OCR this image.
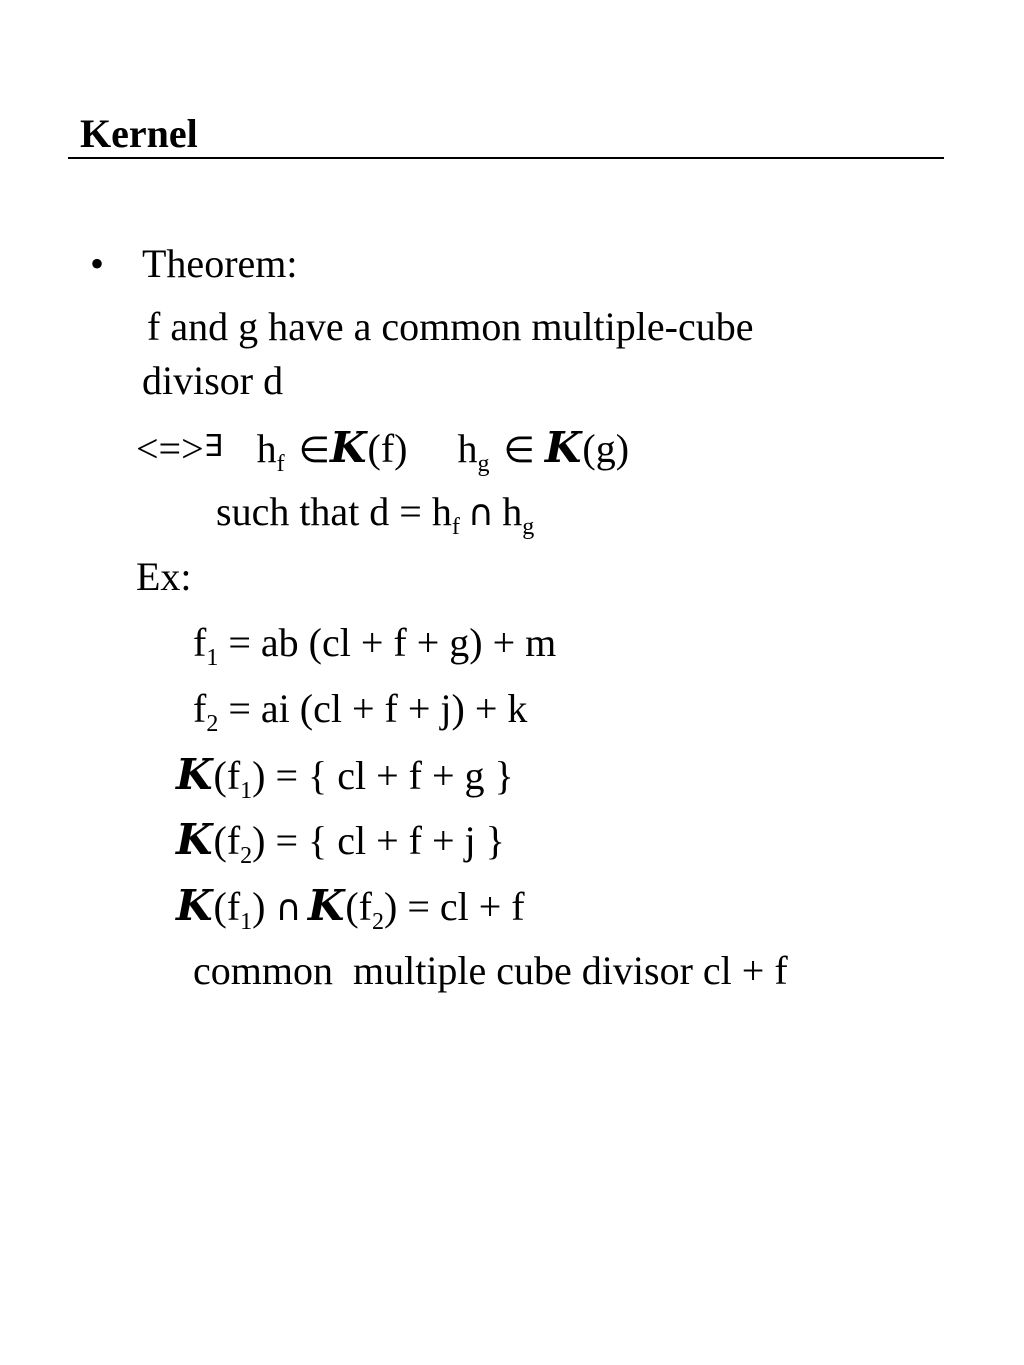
Kernel
• Theorem:
f and g have a common multiple-cube
divisor d
<=>∃ $h_f$ ∈K(f) $h_g$ ∈ K(g)
such that $d = h_f$ ∩ $h_g$
Ex:
$f_1$ = ab (cl + f + g) + m
$f_2$ = ai (cl + f + j) + k
$K(f_1)$ = { cl + f + g }
$K(f_2)$ = { cl + f + j }
$K(f_1)$ ∩ $K(f_2)$ = cl + f
common  multiple cube divisor cl + f
